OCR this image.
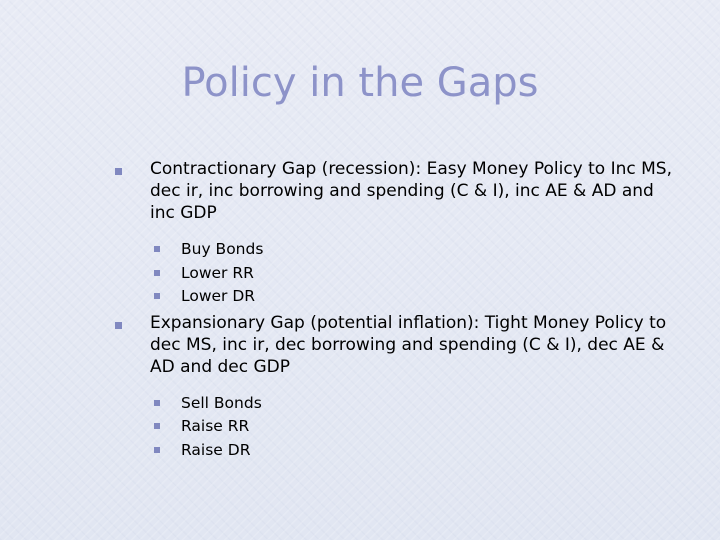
Policy in the Gaps
Contractionary Gap (recession): Easy Money Policy to Inc MS, dec ir, inc borrowing and spending (C & I), inc AE & AD and inc GDP
Buy Bonds
Lower RR
Lower DR
Expansionary Gap (potential inflation): Tight Money Policy to dec MS, inc ir, dec borrowing and spending (C & I), dec AE & AD and dec GDP
Sell Bonds
Raise RR
Raise DR
